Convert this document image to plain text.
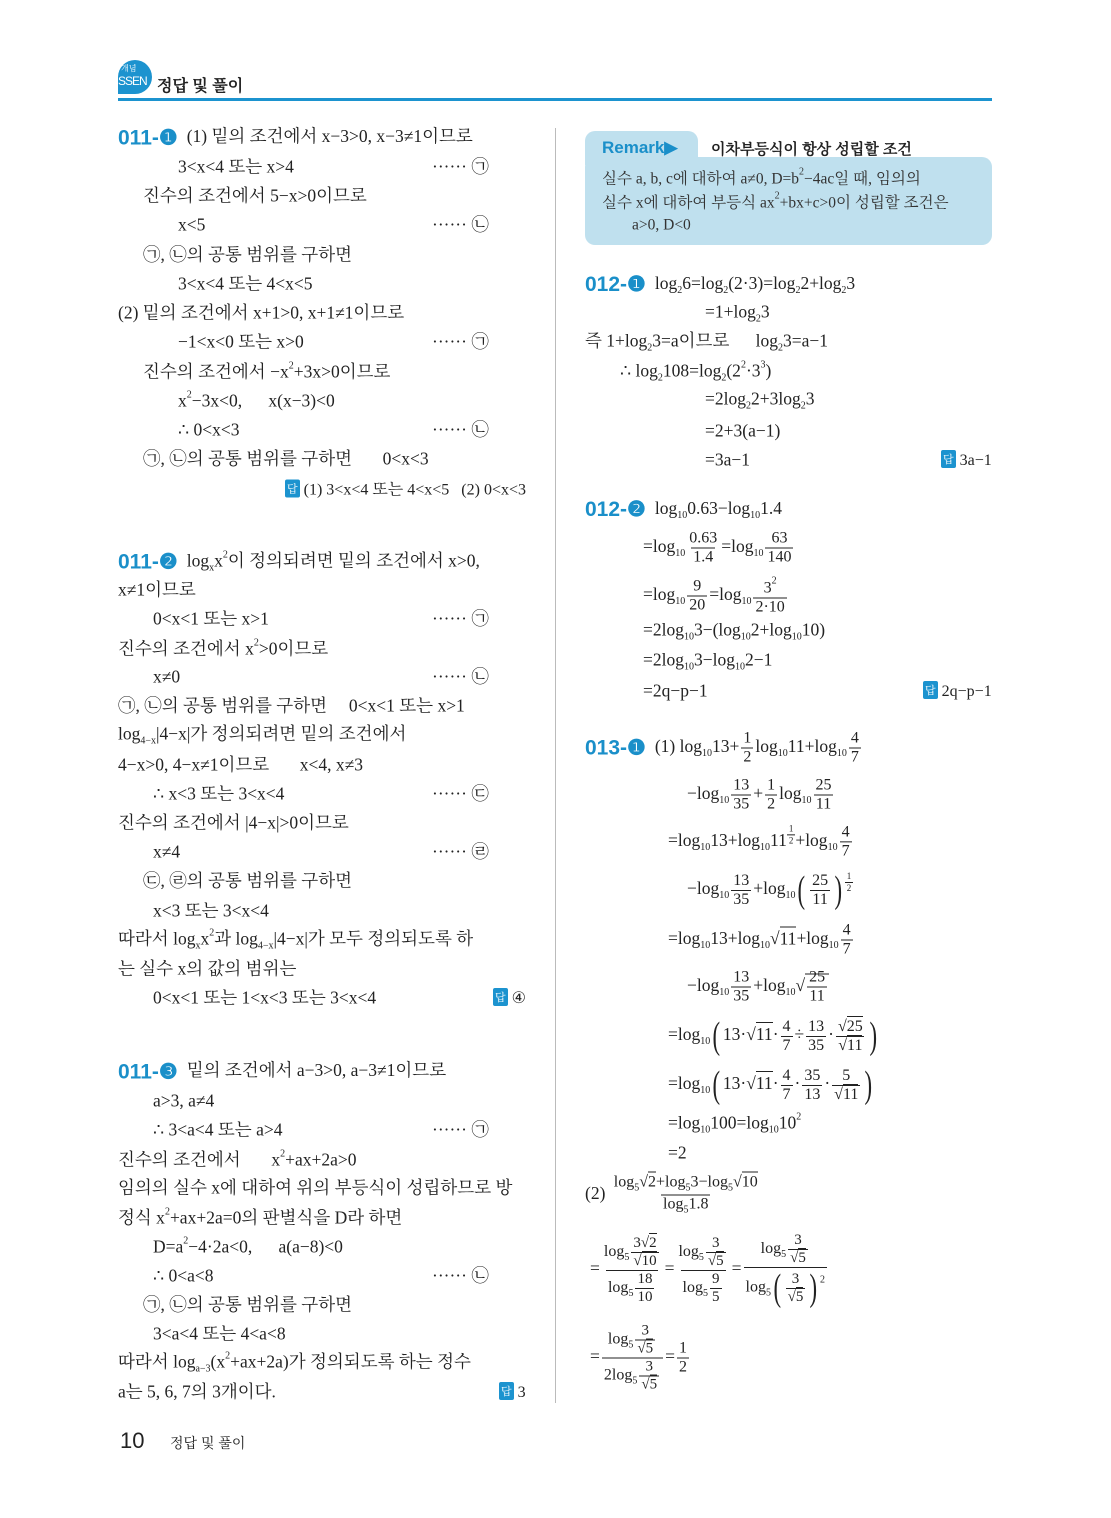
개념
SSEN 정답 및 풀이
Remark▶ 이차부등식이 항상 성립할 조건
011-❶ (1) 밑의 조건에서 x−3>0, x−3≠1이므로
3<x<4 또는 x>4	······ ㉠
진수의 조건에서 5−x>0이므로
x<5	······ ㉡
㉠, ㉡의 공통 범위를 구하면
3<x<4 또는 4<x<5
(2) 밑의 조건에서 x+1>0, x+1≠1이므로
−1<x<0 또는 x>0	······ ㉠
진수의 조건에서 $-x^2+3x>0$이므로
$x^2-3x<0$,      x(x−3)<0
∴ 0<x<3	······ ㉡
㉠, ㉡의 공통 범위를 구하면       0<x<3
답 (1) 3<x<4 또는 4<x<5   (2) 0<x<3
011-❷ $\log_xx^2$이 정의되려면 밑의 조건에서 x>0,
x≠1이므로
0<x<1 또는 x>1	······ ㉠
진수의 조건에서 $x^2>0$이므로
x≠0	······ ㉡
㉠, ㉡의 공통 범위를 구하면     0<x<1 또는 x>1
$\log_{4-x}|4-x|$가 정의되려면 밑의 조건에서
4−x>0, 4−x≠1이므로       x<4, x≠3
∴ x<3 또는 3<x<4	······ ㉢
진수의 조건에서 |4−x|>0이므로
x≠4	······ ㉣
㉢, ㉣의 공통 범위를 구하면
x<3 또는 3<x<4
따라서 $\log_xx^2$과 $\log_{4-x}|4-x|$가 모두 정의되도록 하
는 실수 x의 값의 범위는
0<x<1 또는 1<x<3 또는 3<x<4	답 ④
011-❸ 밑의 조건에서 a−3>0, a−3≠1이므로
a>3, a≠4
∴ 3<a<4 또는 a>4	······ ㉠
진수의 조건에서       $x^2+ax+2a>0$
임의의 실수 x에 대하여 위의 부등식이 성립하므로 방
정식 $x^2+ax+2a=0$의 판별식을 D라 하면
$D=a^2-4\cdot 2a<0$,      a(a−8)<0
∴ 0<a<8	······ ㉡
㉠, ㉡의 공통 범위를 구하면
3<a<4 또는 4<a<8
따라서 $\log_{a-3}(x^2+ax+2a)$가 정의되도록 하는 정수
a는 5, 6, 7의 3개이다.	답 3
012-❶ $\log_26=\log_2(2\cdot 3)=\log_22+\log_23$
$=1+\log_23$
즉 $1+\log_23=a$이므로      $\log_23=a-1$
∴ $\log_2108=\log_2(2^2\cdot 3^3)$
$=2\log_22+3\log_23$
=2+3(a−1)
=3a−1	답 3a−1
012-❷ $\log_{10}0.63-\log_{10}1.4$
$=\log_{10} \frac{0.63}{1.4} =\log_{10} \frac{63}{140}$
$=\log_{10} \frac{9}{20} =\log_{10} \frac{3^2}{2\cdot 10}$
$=2\log_{10}3-(\log_{10}2+\log_{10}10)$
$=2\log_{10}3-\log_{10}2-1$
=2q−p−1	답 2q−p−1
013-❶ (1) $\log_{10}13+ \frac{1}{2} \log_{10}11+\log_{10} \frac{4}{7}$
$-\log_{10} \frac{13}{35} + \frac{1}{2} \log_{10} \frac{25}{11}$
$=\log_{10}13+\log_{10}11$ $^{\frac{1}{2}} +\log_{10} \frac{4}{7}$
$-\log_{10} \frac{13}{35} +\log_{10}( \frac{25}{11}$ ) $^{\frac{1}{2}}$
$=\log_{10}13+\log_{10}√11+\log_{10} \frac{4}{7}$
$-\log_{10} \frac{13}{35} +\log_{10}√ \frac{25}{11}$
$=\log_{10}$( $13\cdot√11\cdot \frac{4}{7} \div \frac{13}{35} \cdot \frac{√25}{√11}$ )
$=\log_{10}$( $13\cdot√11\cdot \frac{4}{7} \cdot \frac{35}{13} \cdot \frac{5}{√11}$ )
$=\log_{10}100=\log_{10}10^2$
=2
$(2) \frac{\log_5√2+\log_53-\log_5√10}{\log_51.8}$
= $\frac{\log_5 \frac{3√2}{√10}}{\log_5 \frac{18}{10}} = \frac{\log_5 \frac{3}{√5}}{\log_5 \frac{9}{5}} = \frac{\log_5 \frac{3}{√5}}{\log_5( \frac{3}{√5} ) ^2}$
= $\frac{\log_5 \frac{3}{√5}}{2\log_5 \frac{3}{√5}} = \frac{1}{2}$
실수 a, b, c에 대하여 a≠0, $D=b^2-4ac$일 때, 임의의
실수 x에 대하여 부등식 $ax^2+bx+c>0$이 성립할 조건은
a>0, D<0
10 정답 및 풀이
